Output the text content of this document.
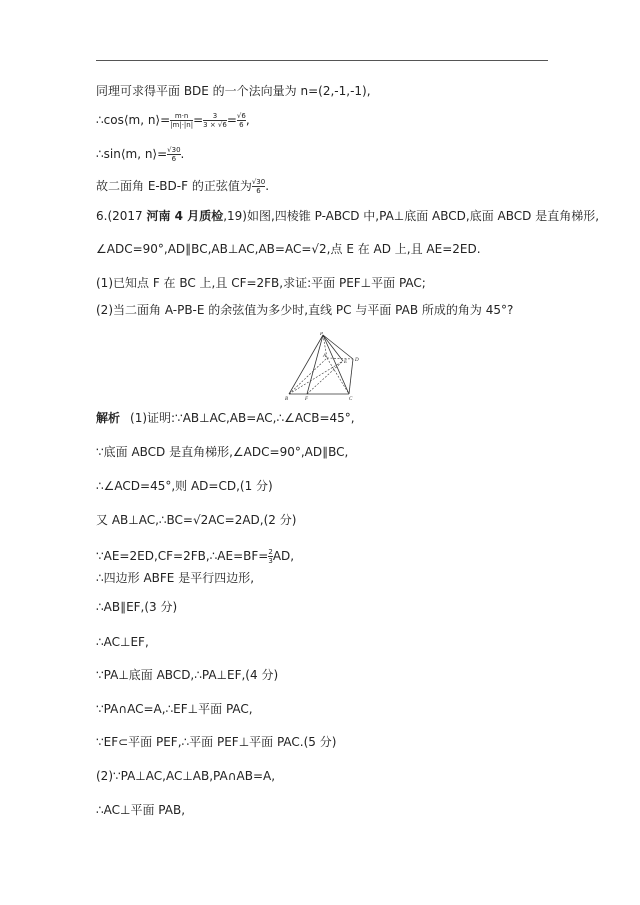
同理可求得平面 BDE 的一个法向量为 n=(2,-1,-1),
∴cos⟨m, n⟩= $\frac{m\cdot n}{|m|\cdot|n|} = \frac{3}{3 \times √6} = \frac{√6}{6}$ ,
∴sin⟨m, n⟩= $\frac{√30}{6}$ .
故二面角 E-BD-F 的正弦值为 $\frac{√30}{6}$ .
6.(2017 河南 4 月质检,19)如图,四棱锥 P-ABCD 中,PA⊥底面 ABCD,底面 ABCD 是直角梯形,
∠ADC=90°,AD∥BC,AB⊥AC,AB=AC=√2,点 E 在 AD 上,且 AE=2ED.
(1)已知点 F 在 BC 上,且 CF=2FB,求证:平面 PEF⊥平面 PAC;
(2)当二面角 A-PB-E 的余弦值为多少时,直线 PC 与平面 PAB 所成的角为 45°?
P
A
E D
B	F	C
解析 (1)证明:∵AB⊥AC,AB=AC,∴∠ACB=45°,
∵底面 ABCD 是直角梯形,∠ADC=90°,AD∥BC,
∴∠ACD=45°,则 AD=CD,(1 分)
又 AB⊥AC,∴BC=√2AC=2AD,(2 分)
∵AE=2ED,CF=2FB,∴AE=BF= $\frac{2}{3}$ AD,
∴四边形 ABFE 是平行四边形,
∴AB∥EF,(3 分)
∴AC⊥EF,
∵PA⊥底面 ABCD,∴PA⊥EF,(4 分)
∵PA∩AC=A,∴EF⊥平面 PAC,
∵EF⊂平面 PEF,∴平面 PEF⊥平面 PAC.(5 分)
(2)∵PA⊥AC,AC⊥AB,PA∩AB=A,
∴AC⊥平面 PAB,
